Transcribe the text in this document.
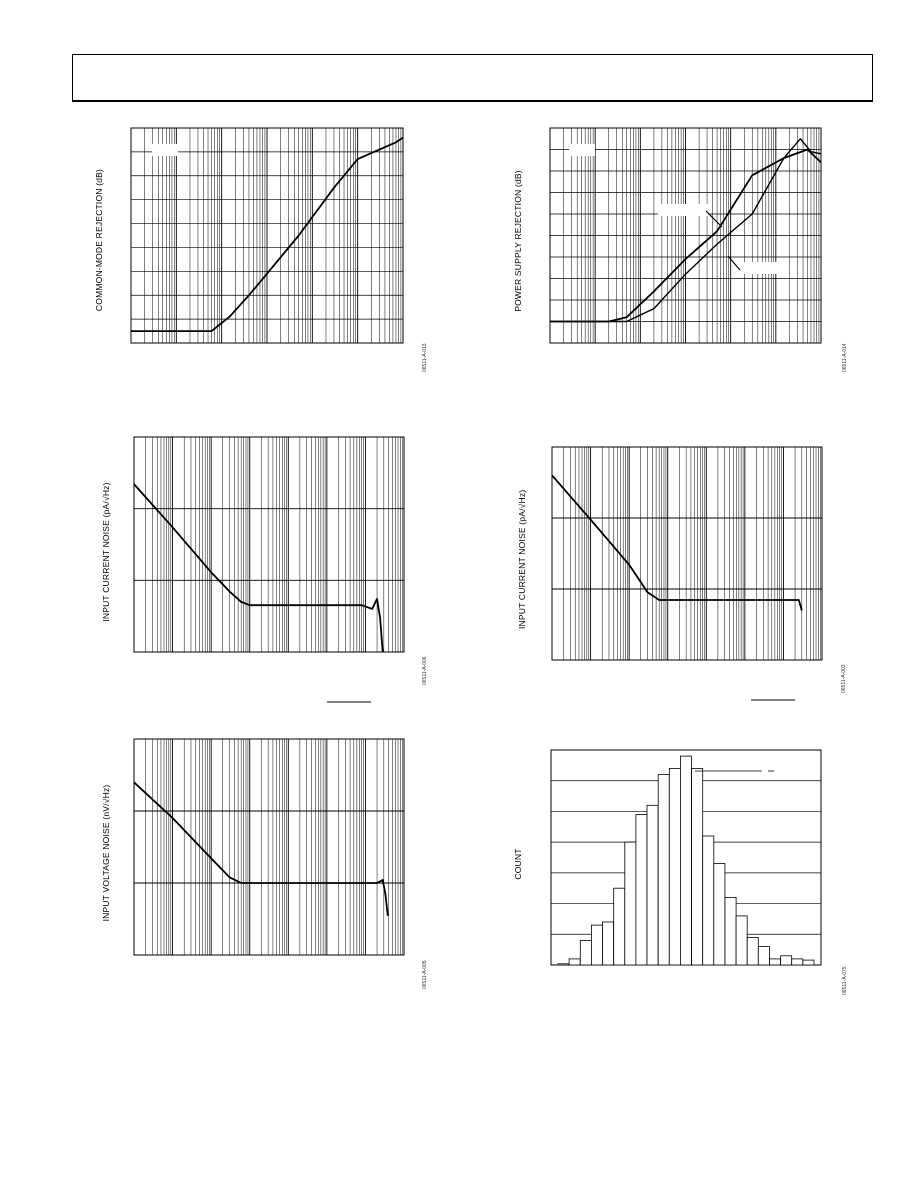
COMMON-MODE REJECTION (dB)	POWER SUPPLY REJECTION (dB)
INPUT CURRENT NOISE (pA/√Hz)	INPUT CURRENT NOISE (pA/√Hz)
INPUT VOLTAGE NOISE (nV/√Hz)	COUNT
06511-A-013	06511-A-014
06511-A-006	06511-A-003
06511-A-005	06511-A-075
